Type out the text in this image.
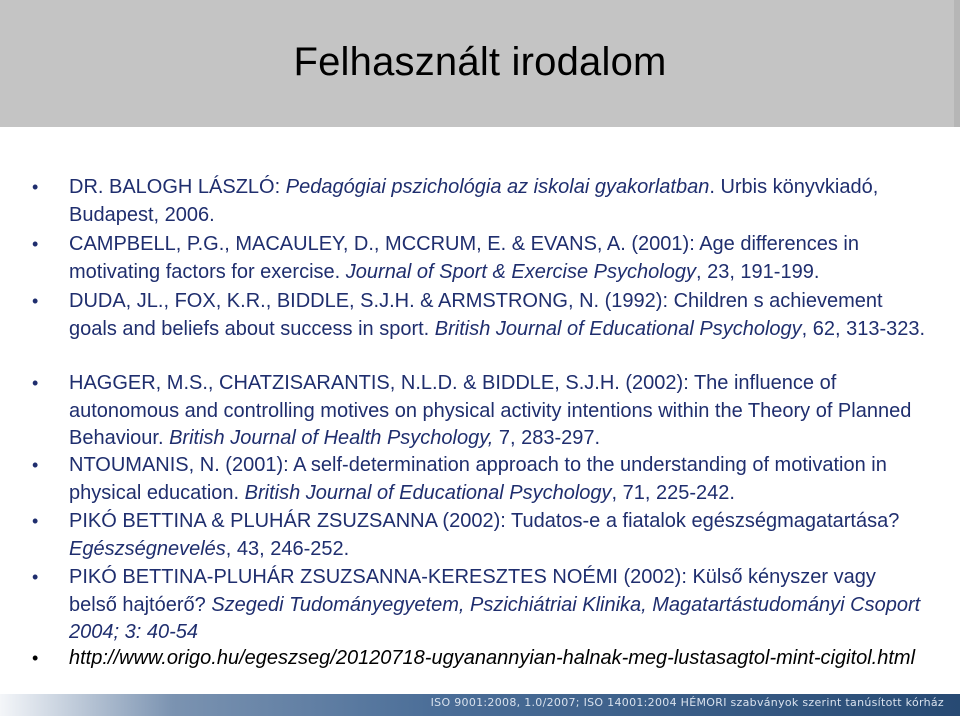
Felhasznált irodalom

• DR. BALOGH LÁSZLÓ: Pedagógiai pszichológia az iskolai gyakorlatban. Urbis könyvkiadó, Budapest, 2006.

• CAMPBELL, P.G., MACAULEY, D., MCCRUM, E. & EVANS, A. (2001): Age differences in motivating factors for exercise. Journal of Sport & Exercise Psychology, 23, 191-199.

• DUDA, JL., FOX, K.R., BIDDLE, S.J.H. & ARMSTRONG, N. (1992): Children s achievement goals and beliefs about success in sport. British Journal of Educational Psychology, 62, 313-323.

• HAGGER, M.S., CHATZISARANTIS, N.L.D. & BIDDLE, S.J.H. (2002): The influence of autonomous and controlling motives on physical activity intentions within the Theory of Planned Behaviour. British Journal of Health Psychology, 7, 283-297.

• NTOUMANIS, N. (2001): A self-determination approach to the understanding of motivation in physical education. British Journal of Educational Psychology, 71, 225-242.

• PIKÓ BETTINA & PLUHÁR ZSUZSANNA (2002): Tudatos-e a fiatalok egészségmagatartása? Egészségnevelés, 43, 246-252.

• PIKÓ BETTINA-PLUHÁR ZSUZSANNA-KERESZTES NOÉMI (2002): Külső kényszer vagy belső hajtóerő? Szegedi Tudományegyetem, Pszichiátriai Klinika, Magatartástudományi Csoport 2004; 3: 40-54

• http://www.origo.hu/egeszseg/20120718-ugyanannyian-halnak-meg-lustasagtol-mint-cigitol.html

ISO 9001:2008, 1.0/2007; ISO 14001:2004 HÉMORI szabványok szerint tanúsított kórház
